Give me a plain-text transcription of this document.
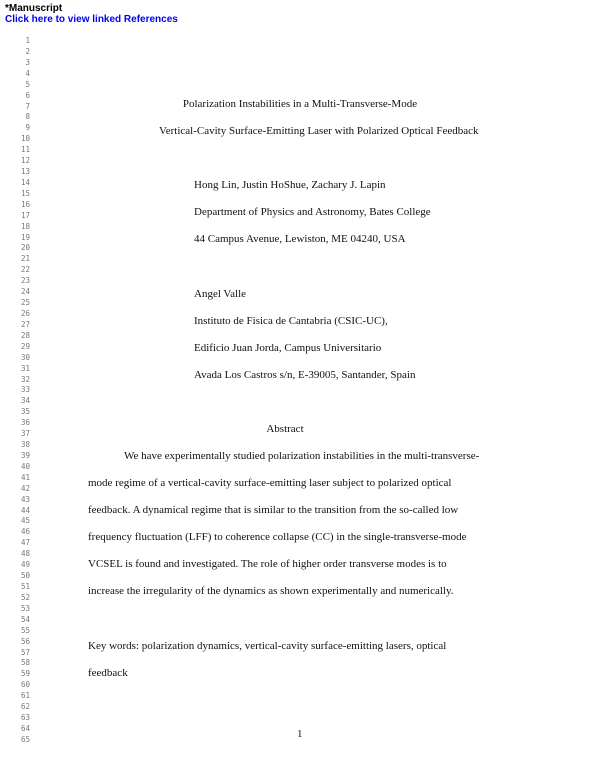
*Manuscript
Click here to view linked References
1
2
3
4
5
6
7
8
9
10
11
12
13
14
15
16
17
18
19
20
21
22
23
24
25
26
27
28
29
30
31
32
33
34
35
36
37
38
39
40
41
42
43
44
45
46
47
48
49
50
51
52
53
54
55
56
57
58
59
60
61
62
63
64
65
Polarization Instabilities in a Multi-Transverse-Mode
Vertical-Cavity Surface-Emitting Laser with Polarized Optical Feedback
Hong Lin, Justin HoShue, Zachary J. Lapin
Department of Physics and Astronomy, Bates College
44 Campus Avenue, Lewiston, ME 04240, USA
Angel Valle
Instituto de Fisica de Cantabria (CSIC-UC),
Edificio Juan Jorda, Campus Universitario
Avada Los Castros s/n, E-39005, Santander, Spain
Abstract
We have experimentally studied polarization instabilities in the multi-transverse-
mode regime of a vertical-cavity surface-emitting laser subject to polarized optical
feedback. A dynamical regime that is similar to the transition from the so-called low
frequency fluctuation (LFF) to coherence collapse (CC) in the single-transverse-mode
VCSEL is found and investigated. The role of higher order transverse modes is to
increase the irregularity of the dynamics as shown experimentally and numerically.
Key words: polarization dynamics, vertical-cavity surface-emitting lasers, optical
feedback
1
